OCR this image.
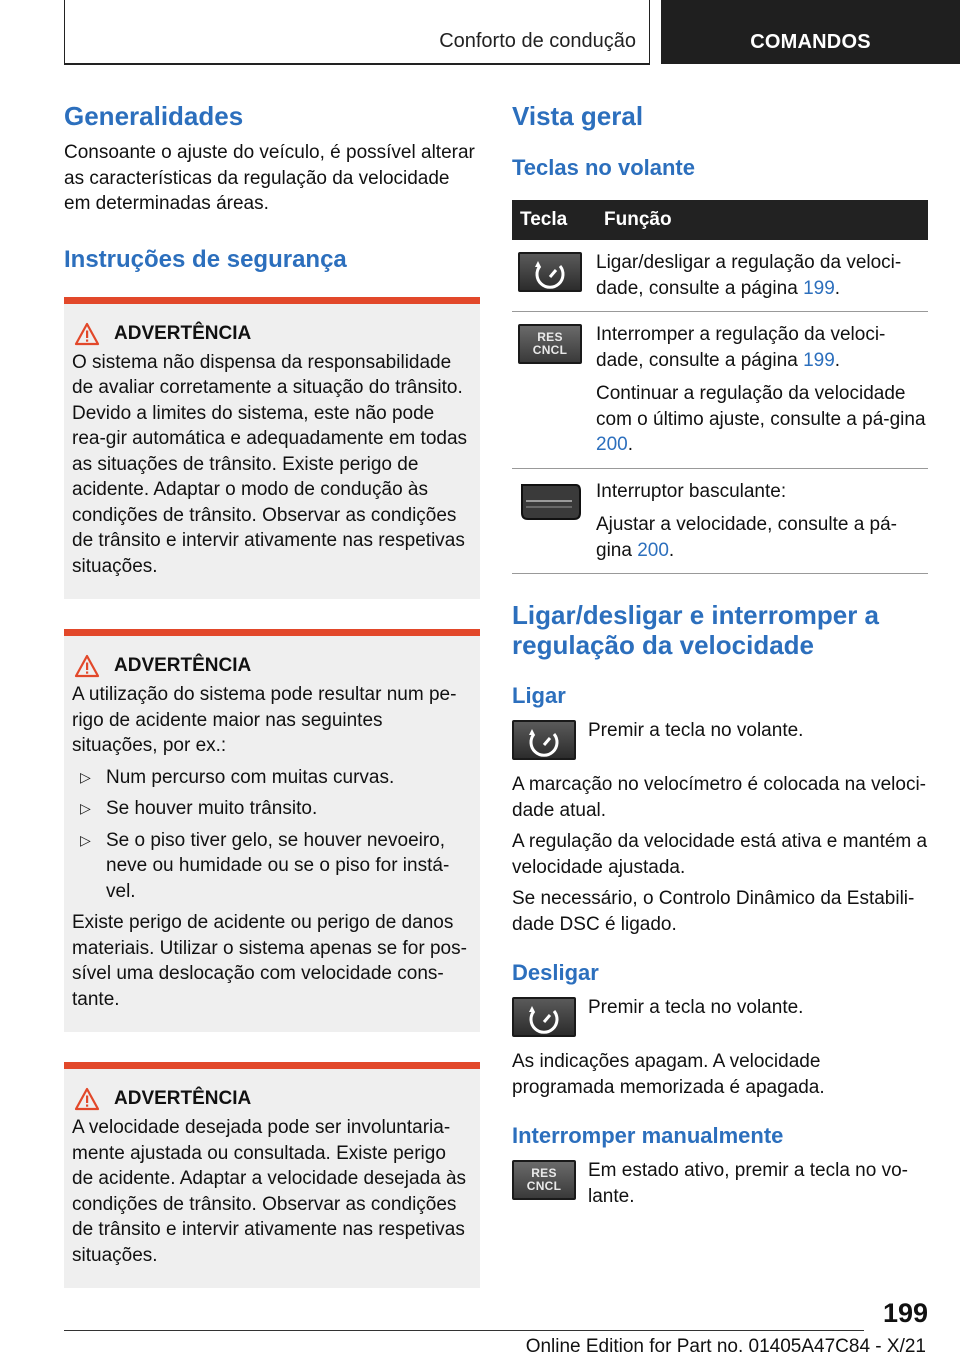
Conforto de condução	COMANDOS
Generalidades

Consoante o ajuste do veículo, é possível alterar as características da regulação da velocidade em determinadas áreas.

Instruções de segurança
ADVERTÊNCIA

O sistema não dispensa da responsabilidade de avaliar corretamente a situação do trânsito. Devido a limites do sistema, este não pode rea-gir automática e adequadamente em todas as situações de trânsito. Existe perigo de acidente. Adaptar o modo de condução às condições de trânsito. Observar as condições de trânsito e intervir ativamente nas respetivas situações.

ADVERTÊNCIA

A utilização do sistema pode resultar num pe-rigo de acidente maior nas seguintes situações, por ex.:

▷ Num percurso com muitas curvas.
▷ Se houver muito trânsito.
▷ Se o piso tiver gelo, se houver nevoeiro, neve ou humidade ou se o piso for instá-vel.

Existe perigo de acidente ou perigo de danos materiais. Utilizar o sistema apenas se for pos-sível uma deslocação com velocidade cons-tante.

ADVERTÊNCIA

A velocidade desejada pode ser involuntaria-mente ajustada ou consultada. Existe perigo de acidente. Adaptar a velocidade desejada às condições de trânsito. Observar as condições de trânsito e intervir ativamente nas respetivas situações.

Vista geral
Teclas no volante
Tecla	Função

Ligar/desligar a regulação da veloci-dade, consulte a página 199.

RES CNCL	Interromper a regulação da veloci-dade, consulte a página 199.

Continuar a regulação da velocidade com o último ajuste, consulte a pá-gina 200.

Interruptor basculante:

Ajustar a velocidade, consulte a pá-gina 200.

Ligar/desligar e interromper a regulação da velocidade
Ligar

Premir a tecla no volante.

A marcação no velocímetro é colocada na veloci-dade atual.

A regulação da velocidade está ativa e mantém a velocidade ajustada.

Se necessário, o Controlo Dinâmico da Estabili-dade DSC é ligado.

Desligar

Premir a tecla no volante.

As indicações apagam. A velocidade programada memorizada é apagada.

Interromper manualmente
RES CNCL

Em estado ativo, premir a tecla no vo-lante.

199
Online Edition for Part no. 01405A47C84 - X/21
